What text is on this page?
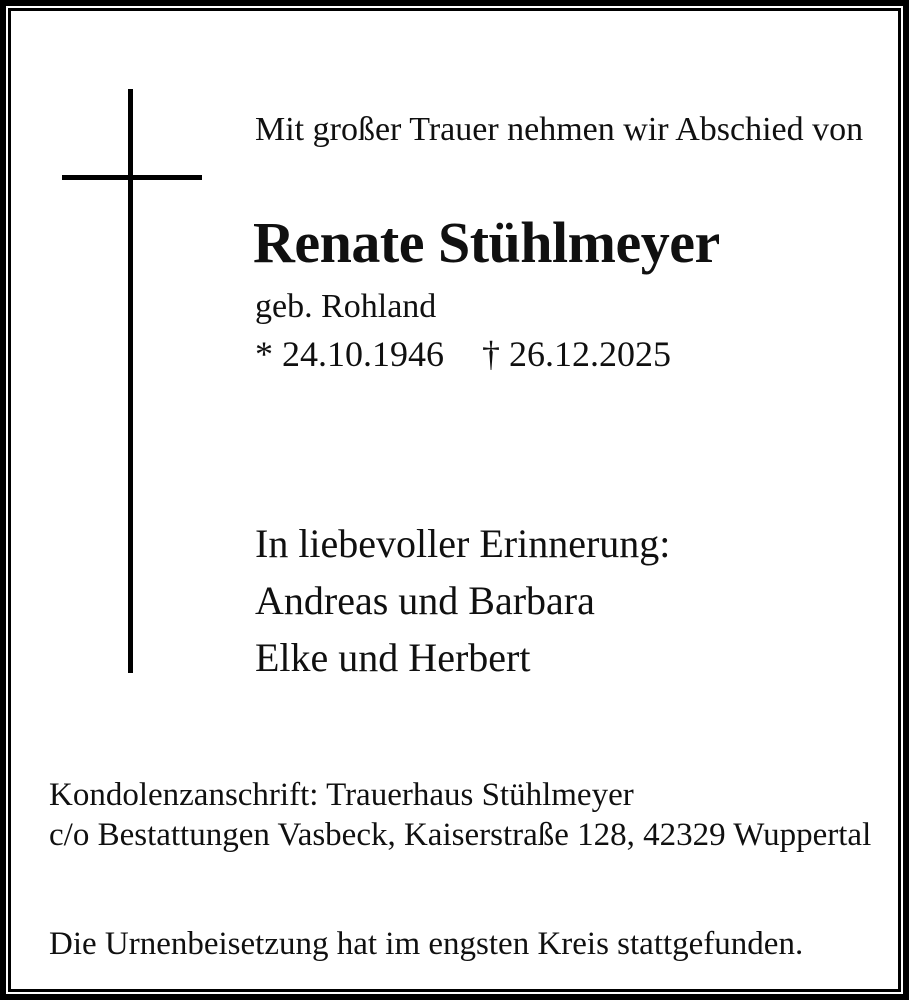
Mit großer Trauer nehmen wir Abschied von
Renate Stühlmeyer
geb. Rohland
* 24.10.1946 † 26.12.2025
In liebevoller Erinnerung:
Andreas und Barbara
Elke und Herbert
Kondolenzanschrift: Trauerhaus Stühlmeyer
c/o Bestattungen Vasbeck, Kaiserstraße 128, 42329 Wuppertal
Die Urnenbeisetzung hat im engsten Kreis stattgefunden.
